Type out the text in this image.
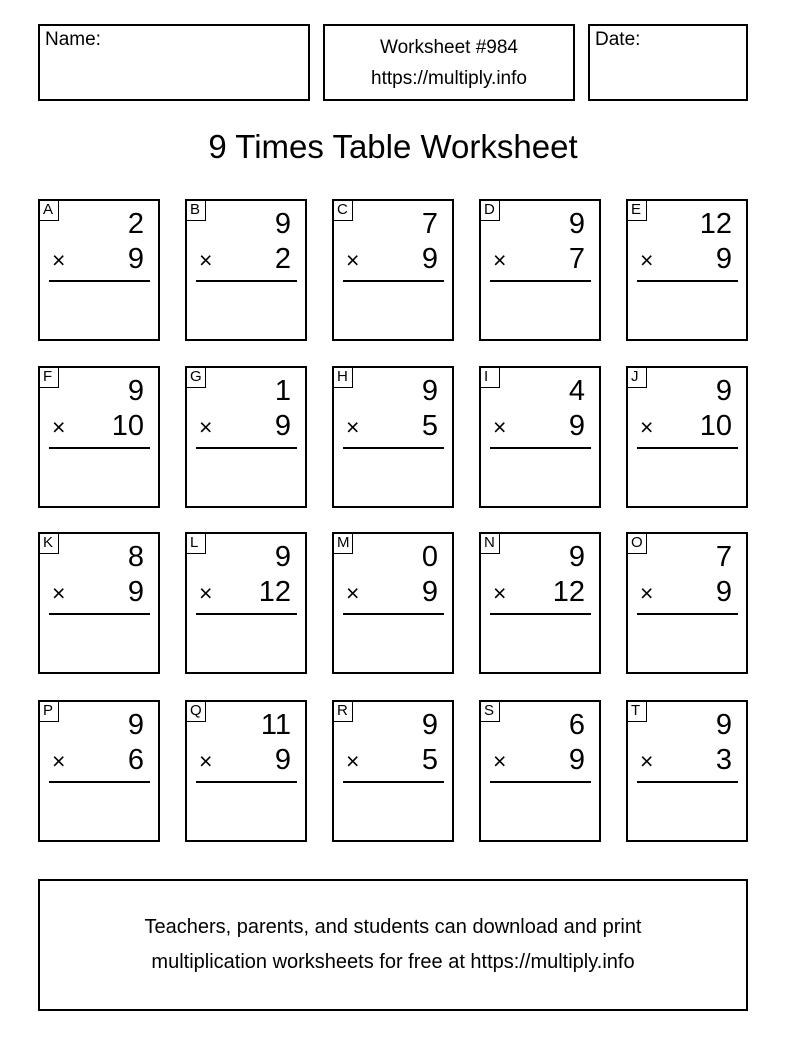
Name:	Worksheet #984
https://multiply.info
Date:
9 Times Table Worksheet
A	2
× 9
B	9
× 2
C	7
× 9
D	9
× 7
E 12
× 9
F	9
× 10
G	1
× 9
H	9
× 5
I	4
× 9
J	9
× 10
K	8
× 9
L	9
× 12
M 0
× 9
N	9
× 12
O	7
× 9
P	9
× 6
Q 11
× 9
R	9
× 5
S	6
× 9
T	9
× 3
Teachers, parents, and students can download and print
multiplication worksheets for free at https://multiply.info
